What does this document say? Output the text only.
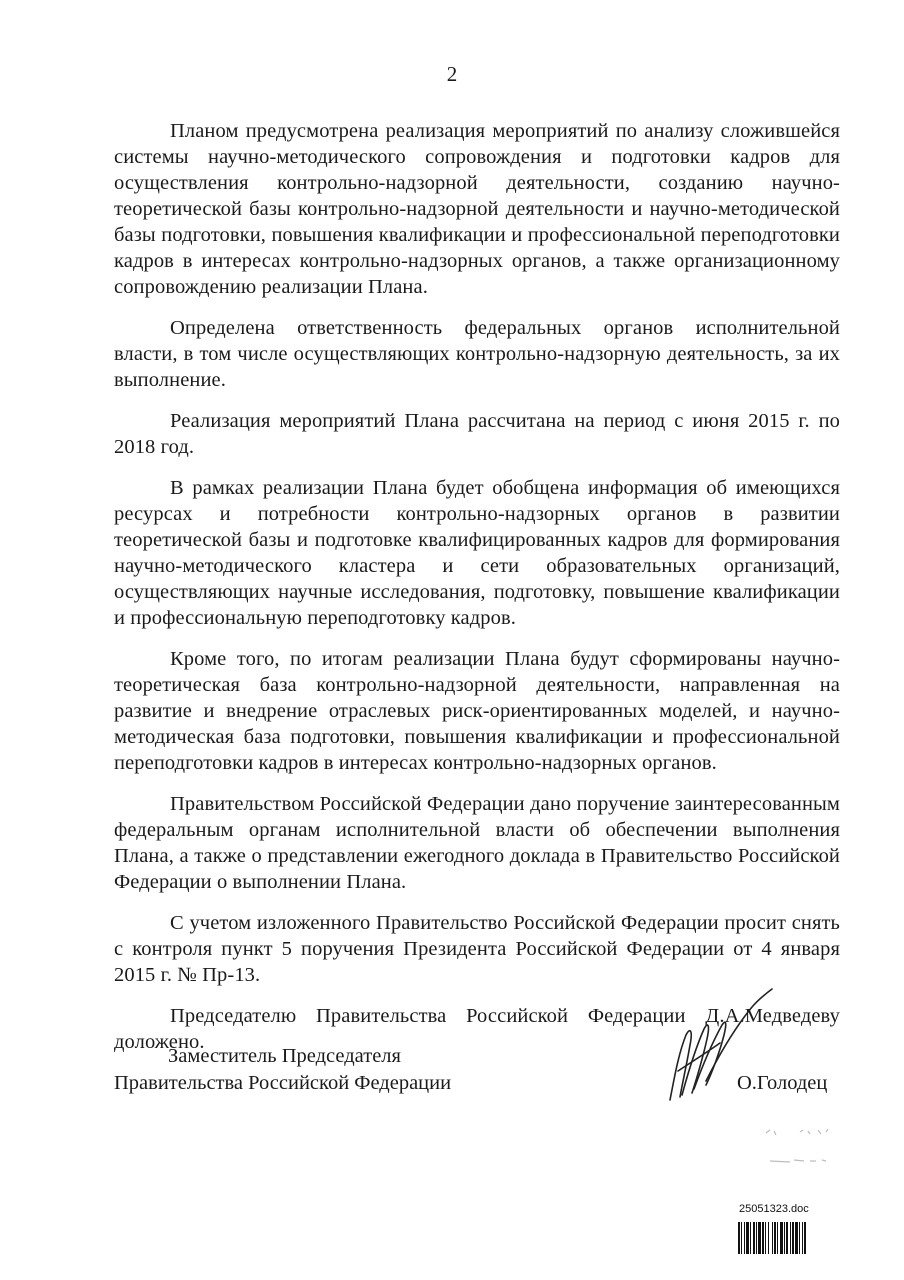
2

Планом предусмотрена реализация мероприятий по анализу сложившейся системы научно-методического сопровождения и подготовки кадров для осуществления контрольно-надзорной деятельности, созданию научно-теоретической базы контрольно-надзорной деятельности и научно-методической базы подготовки, повышения квалификации и профессиональной переподготовки кадров в интересах контрольно-надзорных органов, а также организационному сопровождению реализации Плана.

Определена ответственность федеральных органов исполнительной власти, в том числе осуществляющих контрольно-надзорную деятельность, за их выполнение.

Реализация мероприятий Плана рассчитана на период с июня 2015 г. по 2018 год.

В рамках реализации Плана будет обобщена информация об имеющихся ресурсах и потребности контрольно-надзорных органов в развитии теоретической базы и подготовке квалифицированных кадров для формирования научно-методического кластера и сети образовательных организаций, осуществляющих научные исследования, подготовку, повышение квалификации и профессиональную переподготовку кадров.

Кроме того, по итогам реализации Плана будут сформированы научно-теоретическая база контрольно-надзорной деятельности, направленная на развитие и внедрение отраслевых риск-ориентированных моделей, и научно-методическая база подготовки, повышения квалификации и профессиональной переподготовки кадров в интересах контрольно-надзорных органов.

Правительством Российской Федерации дано поручение заинтересованным федеральным органам исполнительной власти об обеспечении выполнения Плана, а также о представлении ежегодного доклада в Правительство Российской Федерации о выполнении Плана.

С учетом изложенного Правительство Российской Федерации просит снять с контроля пункт 5 поручения Президента Российской Федерации от 4 января 2015 г. № Пр-13.

Председателю Правительства Российской Федерации Д.А.Медведеву доложено.

Заместитель Председателя
Правительства Российской Федерации	О.Голодец
25051323.doc
